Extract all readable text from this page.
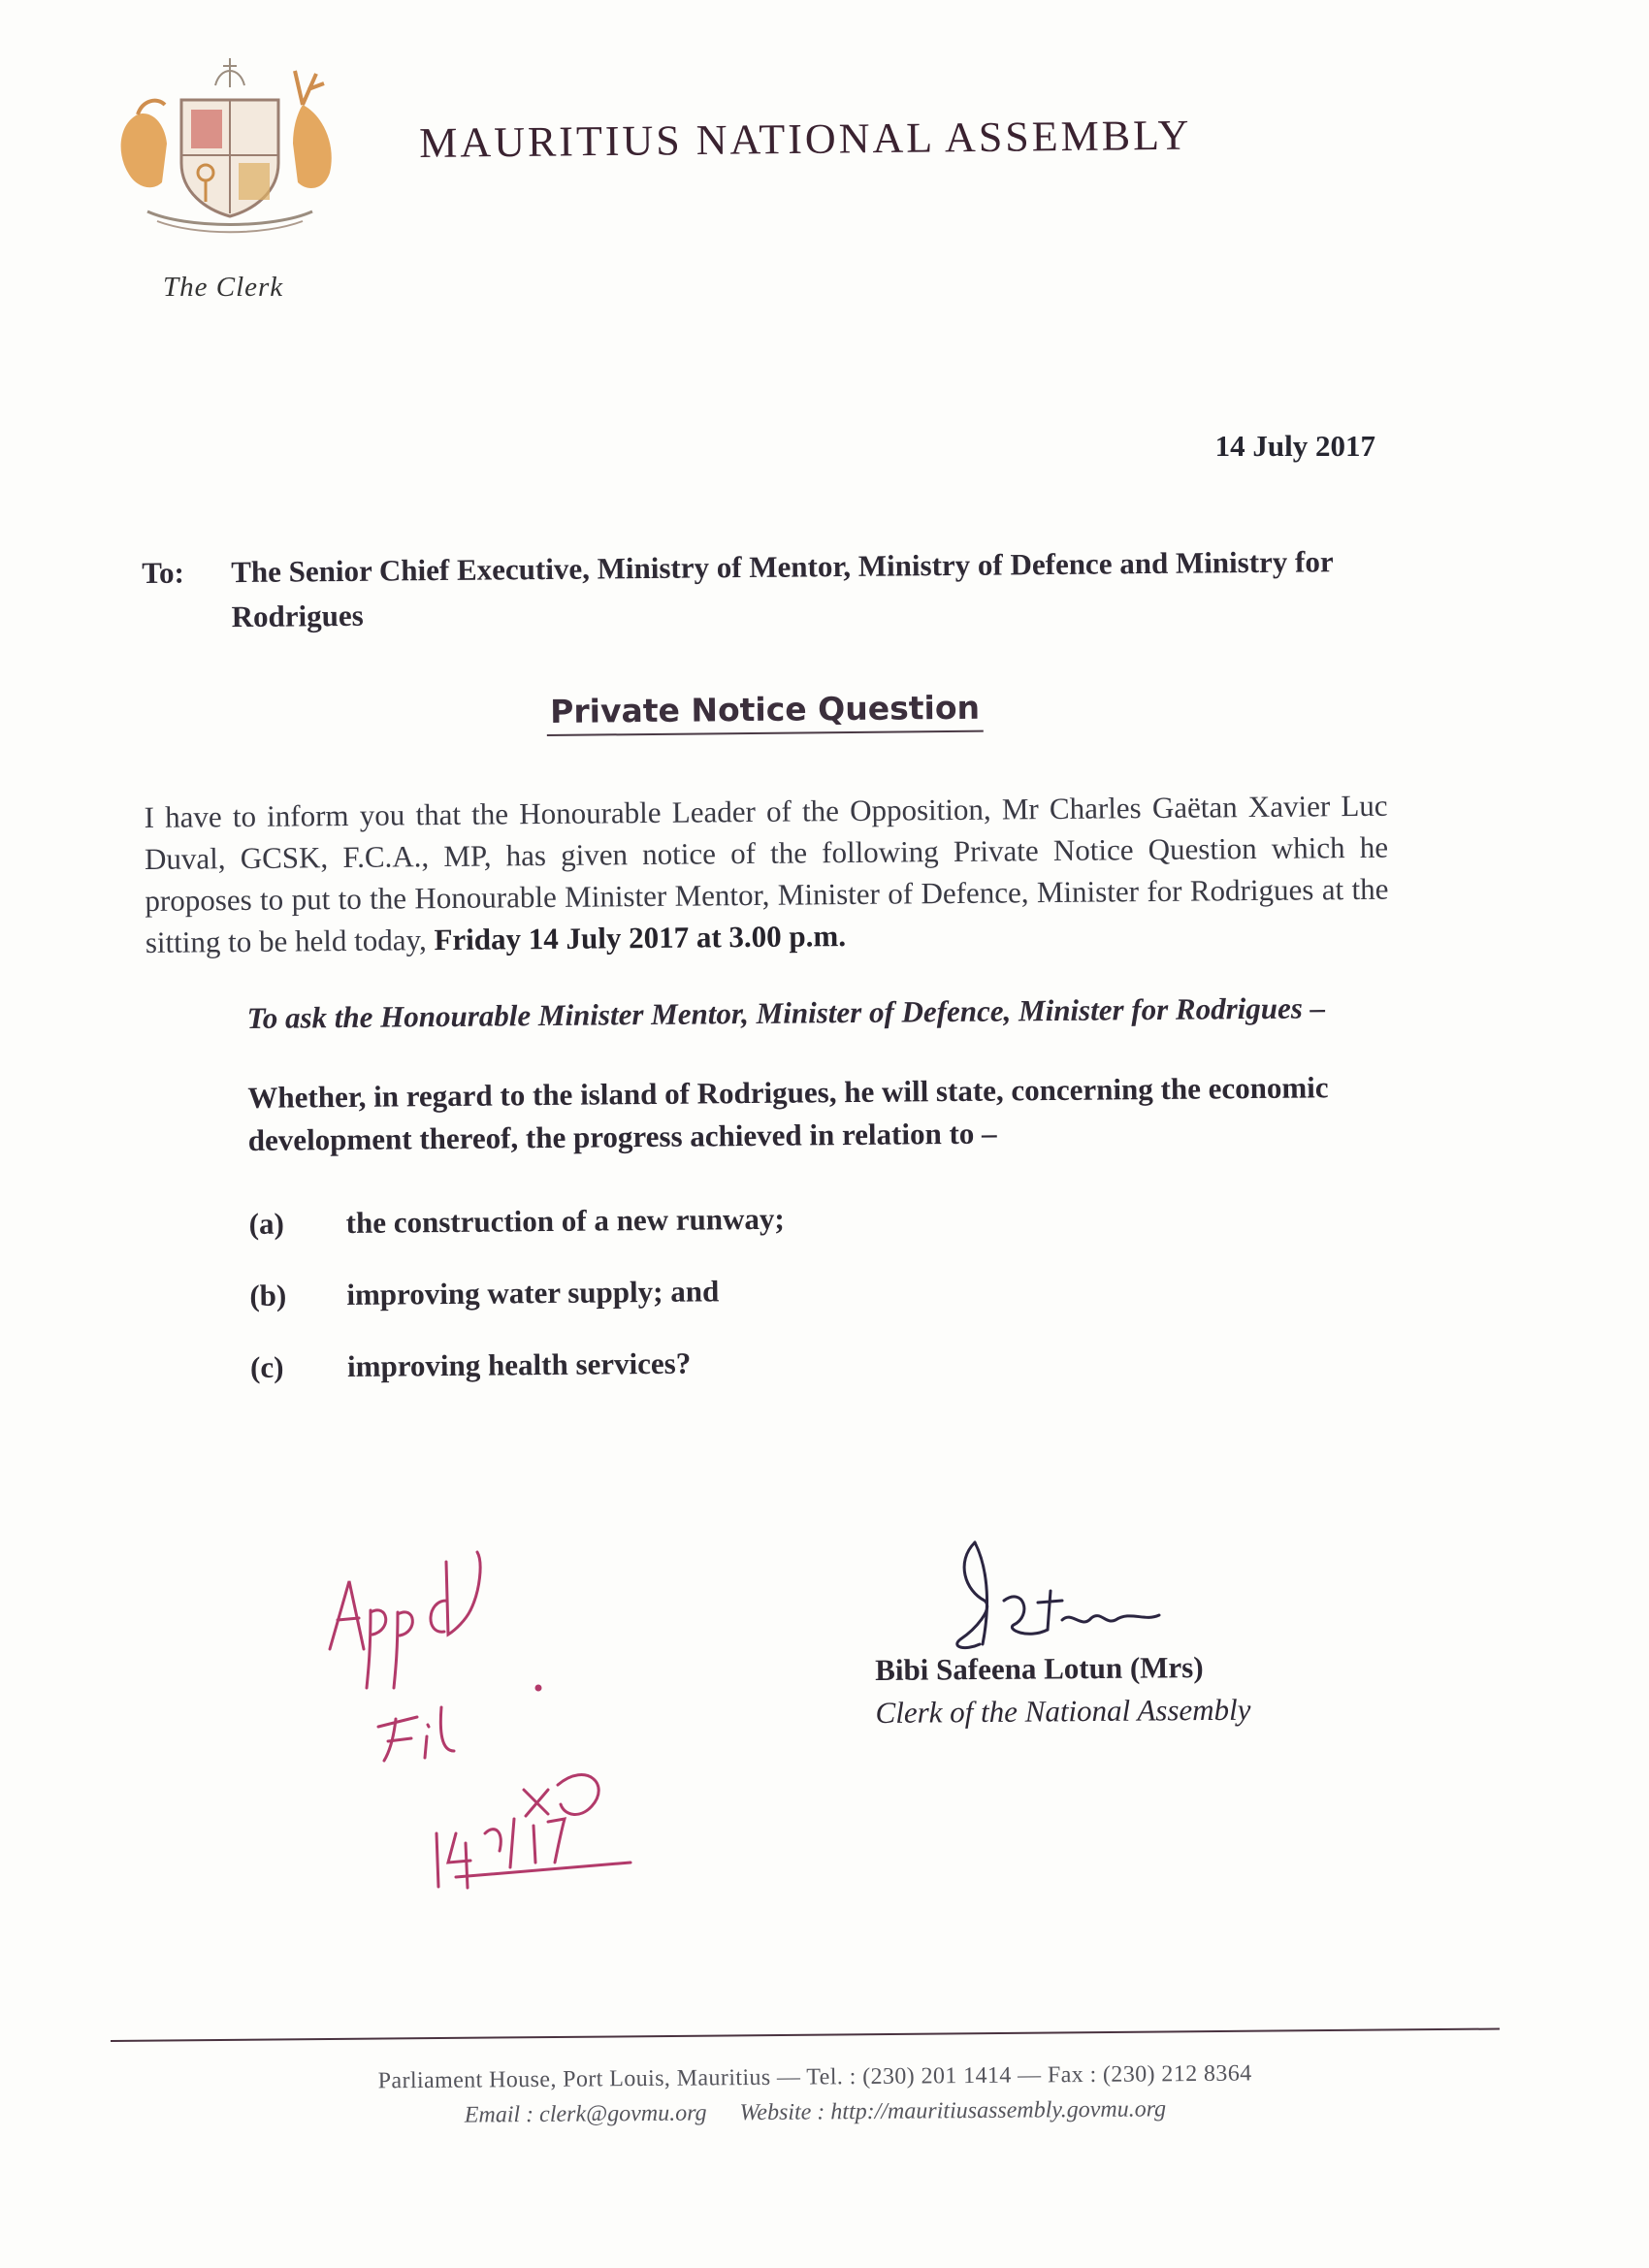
MAURITIUS NATIONAL ASSEMBLY
The Clerk
14 July 2017
To:	The Senior Chief Executive, Ministry of Mentor, Ministry of Defence and Ministry for Rodrigues
Private Notice Question
I have to inform you that the Honourable Leader of the Opposition, Mr Charles Gaëtan Xavier Luc Duval, GCSK, F.C.A., MP, has given notice of the following Private Notice Question which he proposes to put to the Honourable Minister Mentor, Minister of Defence, Minister for Rodrigues at the sitting to be held today, Friday 14 July 2017 at 3.00 p.m.
To ask the Honourable Minister Mentor, Minister of Defence, Minister for Rodrigues –
Whether, in regard to the island of Rodrigues, he will state, concerning the economic development thereof, the progress achieved in relation to –
(a)	the construction of a new runway;
(b)	improving water supply; and
(c)	improving health services?
Bibi Safeena Lotun (Mrs)
Clerk of the National Assembly
Parliament House, Port Louis, Mauritius — Tel. : (230) 201 1414 — Fax : (230) 212 8364
Email : clerk@govmu.org Website : http://mauritiusassembly.govmu.org
